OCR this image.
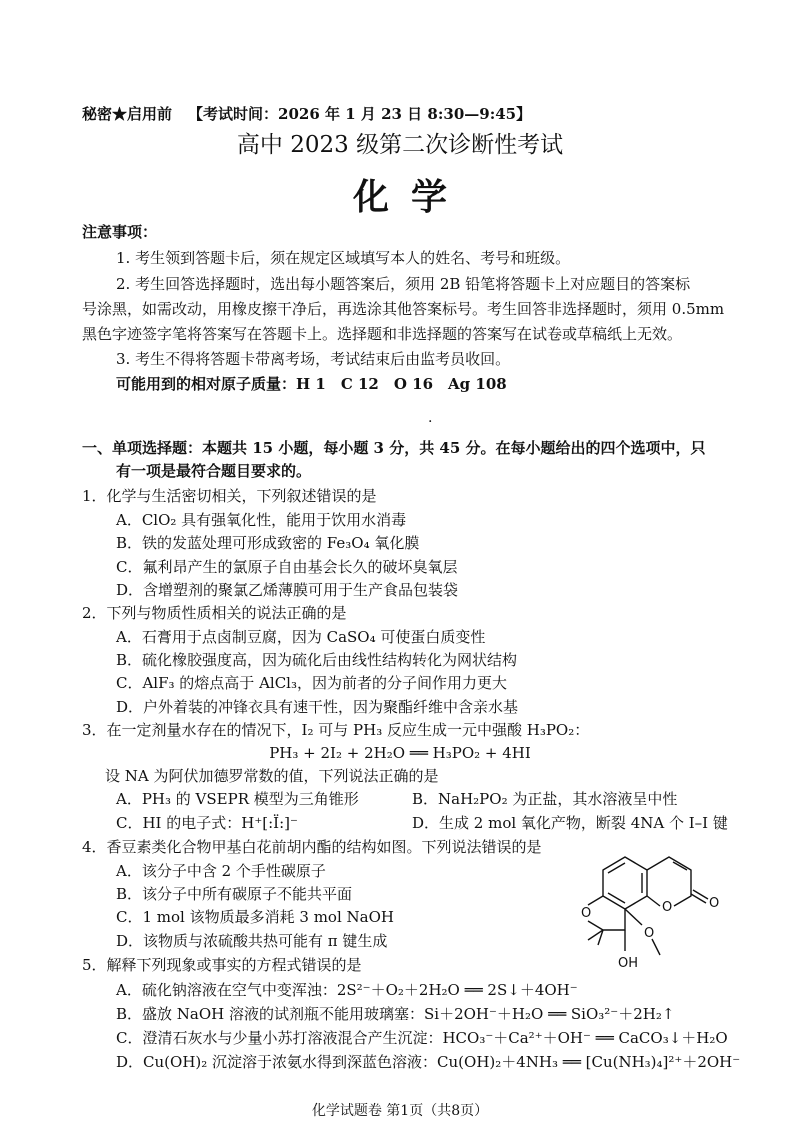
秘密★启用前 【考试时间：2026 年 1 月 23 日 8:30—9:45】
高中 2023 级第二次诊断性考试
化学
注意事项：
1. 考生领到答题卡后，须在规定区域填写本人的姓名、考号和班级。
2. 考生回答选择题时，选出每小题答案后，须用 2B 铅笔将答题卡上对应题目的答案标
号涂黑，如需改动，用橡皮擦干净后，再选涂其他答案标号。考生回答非选择题时，须用 0.5mm
黑色字迹签字笔将答案写在答题卡上。选择题和非选择题的答案写在试卷或草稿纸上无效。
3. 考生不得将答题卡带离考场，考试结束后由监考员收回。
可能用到的相对原子质量：H 1　C 12　O 16　Ag 108
.
一、单项选择题：本题共 15 小题，每小题 3 分，共 45 分。在每小题给出的四个选项中，只
有一项是最符合题目要求的。
1．化学与生活密切相关，下列叙述错误的是
A．ClO₂ 具有强氧化性，能用于饮用水消毒
B．铁的发蓝处理可形成致密的 Fe₃O₄ 氧化膜
C．氟利昂产生的氯原子自由基会长久的破坏臭氧层
D．含增塑剂的聚氯乙烯薄膜可用于生产食品包装袋
2．下列与物质性质相关的说法正确的是
A．石膏用于点卤制豆腐，因为 CaSO₄ 可使蛋白质变性
B．硫化橡胶强度高，因为硫化后由线性结构转化为网状结构
C．AlF₃ 的熔点高于 AlCl₃，因为前者的分子间作用力更大
D．户外着装的冲锋衣具有速干性，因为聚酯纤维中含亲水基
3．在一定剂量水存在的情况下，I₂ 可与 PH₃ 反应生成一元中强酸 H₃PO₂：
PH₃ + 2I₂ + 2H₂O ══ H₃PO₂ + 4HI
设 NA 为阿伏加德罗常数的值，下列说法正确的是
A．PH₃ 的 VSEPR 模型为三角锥形	B．NaH₂PO₂ 为正盐，其水溶液呈中性
C．HI 的电子式：H⁺[:Ï:]⁻	D．生成 2 mol 氧化产物，断裂 4NA 个 I–I 键
4．香豆素类化合物甲基白花前胡内酯的结构如图。下列说法错误的是
A．该分子中含 2 个手性碳原子
B．该分子中所有碳原子不能共平面
C．1 mol 该物质最多消耗 3 mol NaOH
D．该物质与浓硫酸共热可能有 π 键生成
O	O	O
OH
O
5．解释下列现象或事实的方程式错误的是
A．硫化钠溶液在空气中变浑浊：2S²⁻＋O₂＋2H₂O ══ 2S↓＋4OH⁻
B．盛放 NaOH 溶液的试剂瓶不能用玻璃塞：Si＋2OH⁻＋H₂O ══ SiO₃²⁻＋2H₂↑
C．澄清石灰水与少量小苏打溶液混合产生沉淀：HCO₃⁻＋Ca²⁺＋OH⁻ ══ CaCO₃↓＋H₂O
D．Cu(OH)₂ 沉淀溶于浓氨水得到深蓝色溶液：Cu(OH)₂＋4NH₃ ══ [Cu(NH₃)₄]²⁺＋2OH⁻
化学试题卷 第1页（共8页）
